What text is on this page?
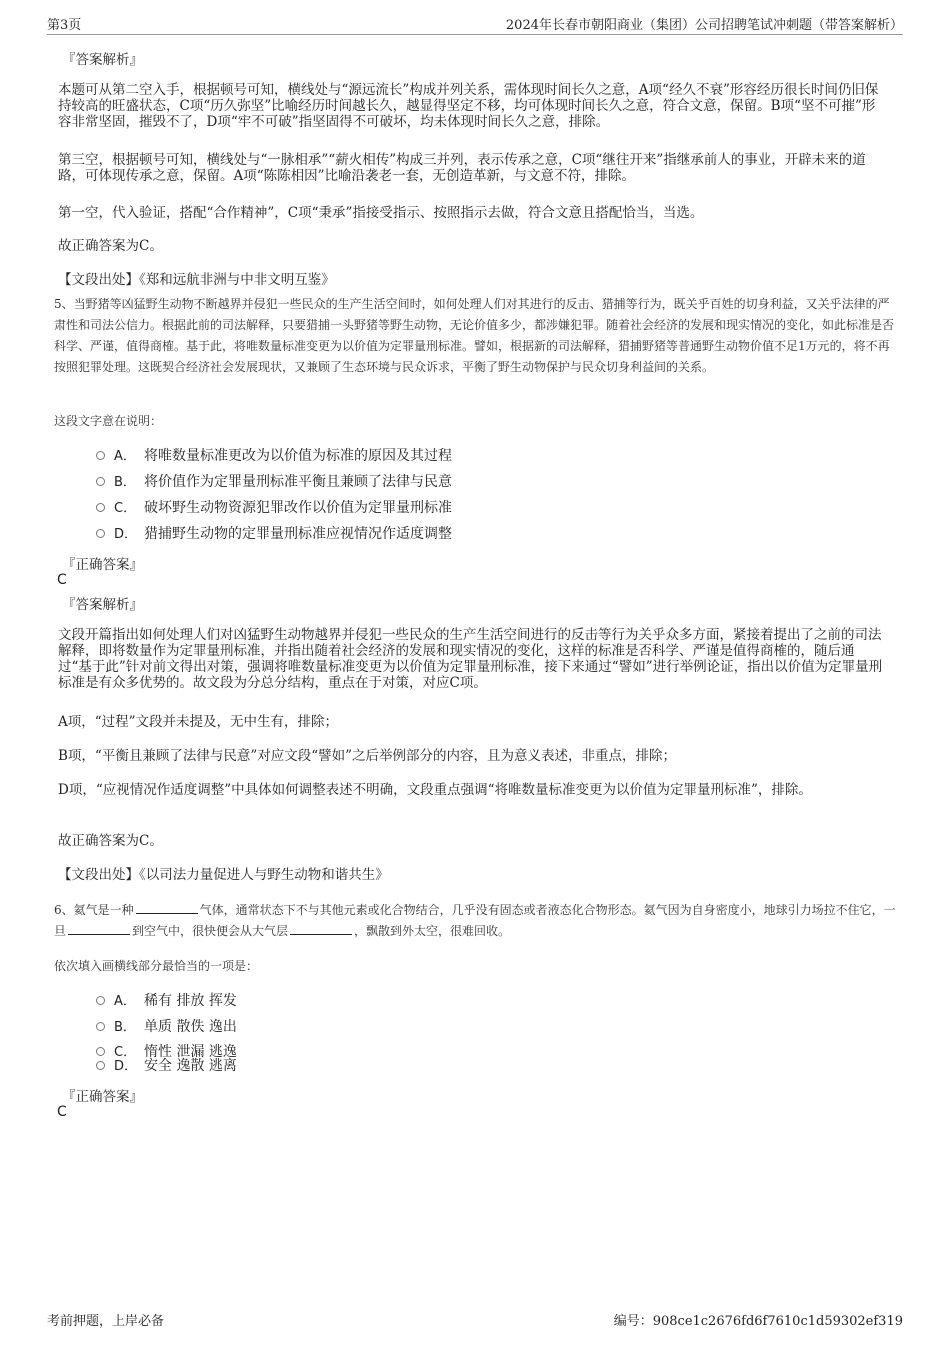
第3页	2024年长春市朝阳商业（集团）公司招聘笔试冲刺题（带答案解析）
『答案解析』
本题可从第二空入手，根据顿号可知，横线处与“源远流长”构成并列关系，需体现时间长久之意，A项“经久不衰”形容经历很长时间仍旧保持较高的旺盛状态，C项“历久弥坚”比喻经历时间越长久，越显得坚定不移，均可体现时间长久之意，符合文意，保留。B项“坚不可摧”形容非常坚固，摧毁不了，D项“牢不可破”指坚固得不可破坏，均未体现时间长久之意，排除。
第三空，根据顿号可知，横线处与“一脉相承”“薪火相传”构成三并列，表示传承之意，C项“继往开来”指继承前人的事业，开辟未来的道路，可体现传承之意，保留。A项“陈陈相因”比喻沿袭老一套，无创造革新，与文意不符，排除。
第一空，代入验证，搭配“合作精神”，C项“秉承”指接受指示、按照指示去做，符合文意且搭配恰当，当选。
故正确答案为C。
【文段出处】《郑和远航非洲与中非文明互鉴》
5、当野猪等凶猛野生动物不断越界并侵犯一些民众的生产生活空间时，如何处理人们对其进行的反击、猎捕等行为，既关乎百姓的切身利益，又关乎法律的严肃性和司法公信力。根据此前的司法解释，只要猎捕一头野猪等野生动物，无论价值多少，都涉嫌犯罪。随着社会经济的发展和现实情况的变化，如此标准是否科学、严谨，值得商榷。基于此，将唯数量标准变更为以价值为定罪量刑标准。譬如，根据新的司法解释，猎捕野猪等普通野生动物价值不足1万元的，将不再按照犯罪处理。这既契合经济社会发展现状，又兼顾了生态环境与民众诉求，平衡了野生动物保护与民众切身利益间的关系。
这段文字意在说明：
A． 将唯数量标准更改为以价值为标准的原因及其过程
B． 将价值作为定罪量刑标准平衡且兼顾了法律与民意
C． 破坏野生动物资源犯罪改作以价值为定罪量刑标准
D． 猎捕野生动物的定罪量刑标准应视情况作适度调整
『正确答案』
C
『答案解析』
文段开篇指出如何处理人们对凶猛野生动物越界并侵犯一些民众的生产生活空间进行的反击等行为关乎众多方面，紧接着提出了之前的司法解释，即将数量作为定罪量刑标准，并指出随着社会经济的发展和现实情况的变化，这样的标准是否科学、严谨是值得商榷的，随后通过“基于此”针对前文得出对策，强调将唯数量标准变更为以价值为定罪量刑标准，接下来通过“譬如”进行举例论证，指出以价值为定罪量刑标准是有众多优势的。故文段为分总分结构，重点在于对策，对应C项。
A项，“过程”文段并未提及，无中生有，排除；
B项，“平衡且兼顾了法律与民意”对应文段“譬如”之后举例部分的内容，且为意义表述，非重点，排除；
D项，“应视情况作适度调整”中具体如何调整表述不明确，文段重点强调“将唯数量标准变更为以价值为定罪量刑标准”，排除。
故正确答案为C。
【文段出处】《以司法力量促进人与野生动物和谐共生》
6、氦气是一种	气体，通常状态下不与其他元素或化合物结合，几乎没有固态或者液态化合物形态。氦气因为自身密度小，地球引力场拉不住它，一旦	到空气中，很快便会从大气层	，飘散到外太空，很难回收。
依次填入画横线部分最恰当的一项是：
A． 稀有 排放 挥发
B． 单质 散佚 逸出
C． 惰性 泄漏 逃逸
D． 安全 逸散 逃离
『正确答案』
C
考前押题，上岸必备	编号：908ce1c2676fd6f7610c1d59302ef319
